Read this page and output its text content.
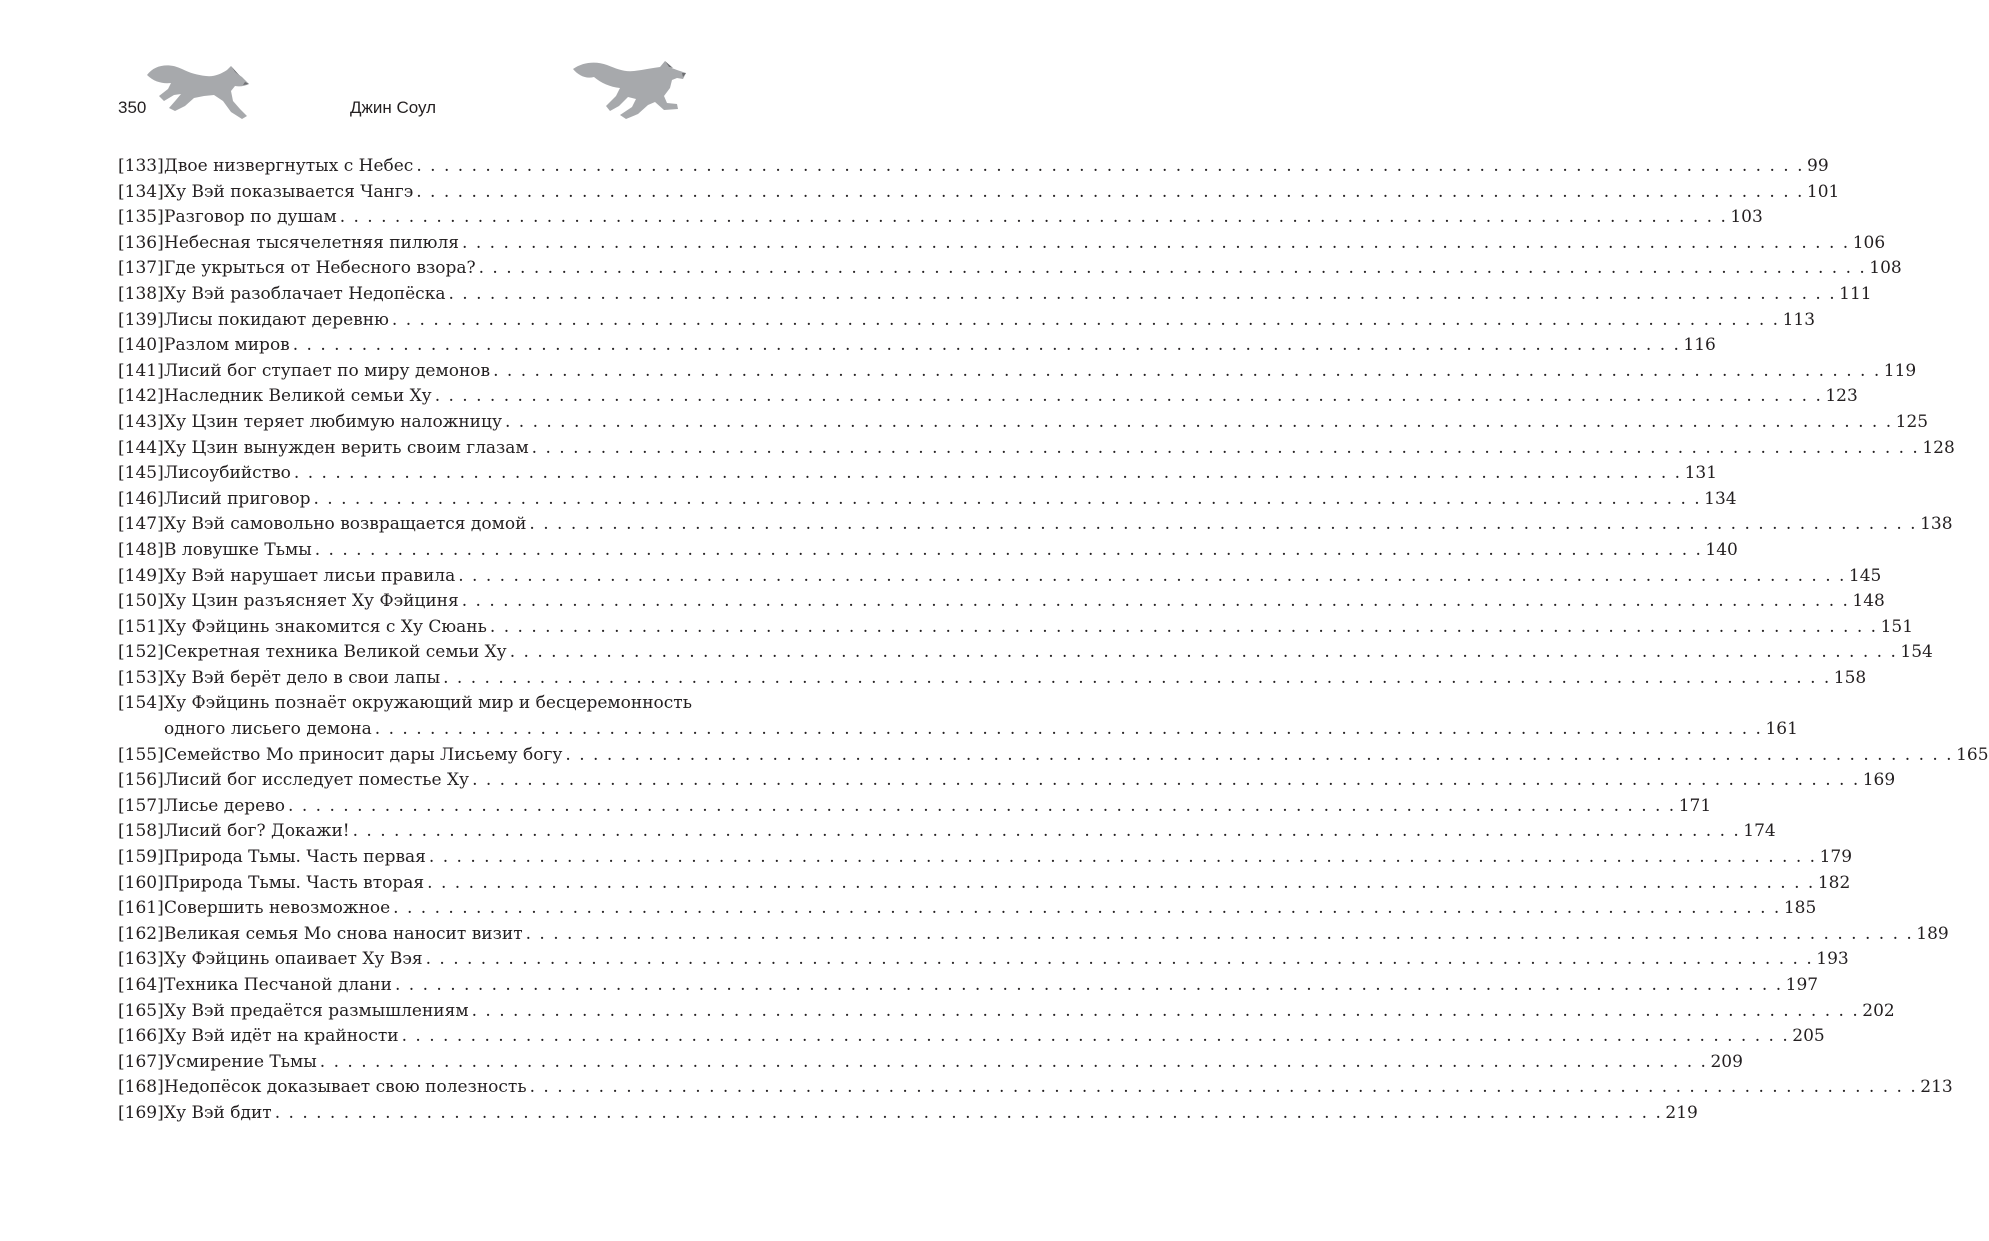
350	Джин Соул
[133] Двое низвергнутых с Небес . . .	99
[134] Ху Вэй показывается Чангэ . . .	101
[135] Разговор по душам . . .	103
[136] Небесная тысячелетняя пилюля . . .	106
[137] Где укрыться от Небесного взора? . . .	108
[138] Ху Вэй разоблачает Недопёска . . .	111
[139] Лисы покидают деревню . . .	113
[140] Разлом миров . . .	116
[141] Лисий бог ступает по миру демонов . . .	119
[142] Наследник Великой семьи Ху . . .	123
[143] Ху Цзин теряет любимую наложницу . . .	125
[144] Ху Цзин вынужден верить своим глазам . . .	128
[145] Лисоубийство . . .	131
[146] Лисий приговор . . .	134
[147] Ху Вэй самовольно возвращается домой . . .	138
[148] В ловушке Тьмы . . .	140
[149] Ху Вэй нарушает лисьи правила . . .	145
[150] Ху Цзин разъясняет Ху Фэйциня . . .	148
[151] Ху Фэйцинь знакомится с Ху Сюань . . .	151
[152] Секретная техника Великой семьи Ху . . .	154
[153] Ху Вэй берёт дело в свои лапы . . .	158
[154] Ху Фэйцинь познаёт окружающий мир и бесцеремонность
одного лисьего демона . . .	161
[155] Семейство Мо приносит дары Лисьему богу . . .	165
[156] Лисий бог исследует поместье Ху . . .	169
[157] Лисье дерево . . .	171
[158] Лисий бог? Докажи! . . .	174
[159] Природа Тьмы. Часть первая . . .	179
[160] Природа Тьмы. Часть вторая . . .	182
[161] Совершить невозможное . . .	185
[162] Великая семья Мо снова наносит визит . . .	189
[163] Ху Фэйцинь опаивает Ху Вэя . . .	193
[164] Техника Песчаной длани . . .	197
[165] Ху Вэй предаётся размышлениям . . .	202
[166] Ху Вэй идёт на крайности . . .	205
[167] Усмирение Тьмы . . .	209
[168] Недопёсок доказывает свою полезность . . .	213
[169] Ху Вэй бдит . . .	219
